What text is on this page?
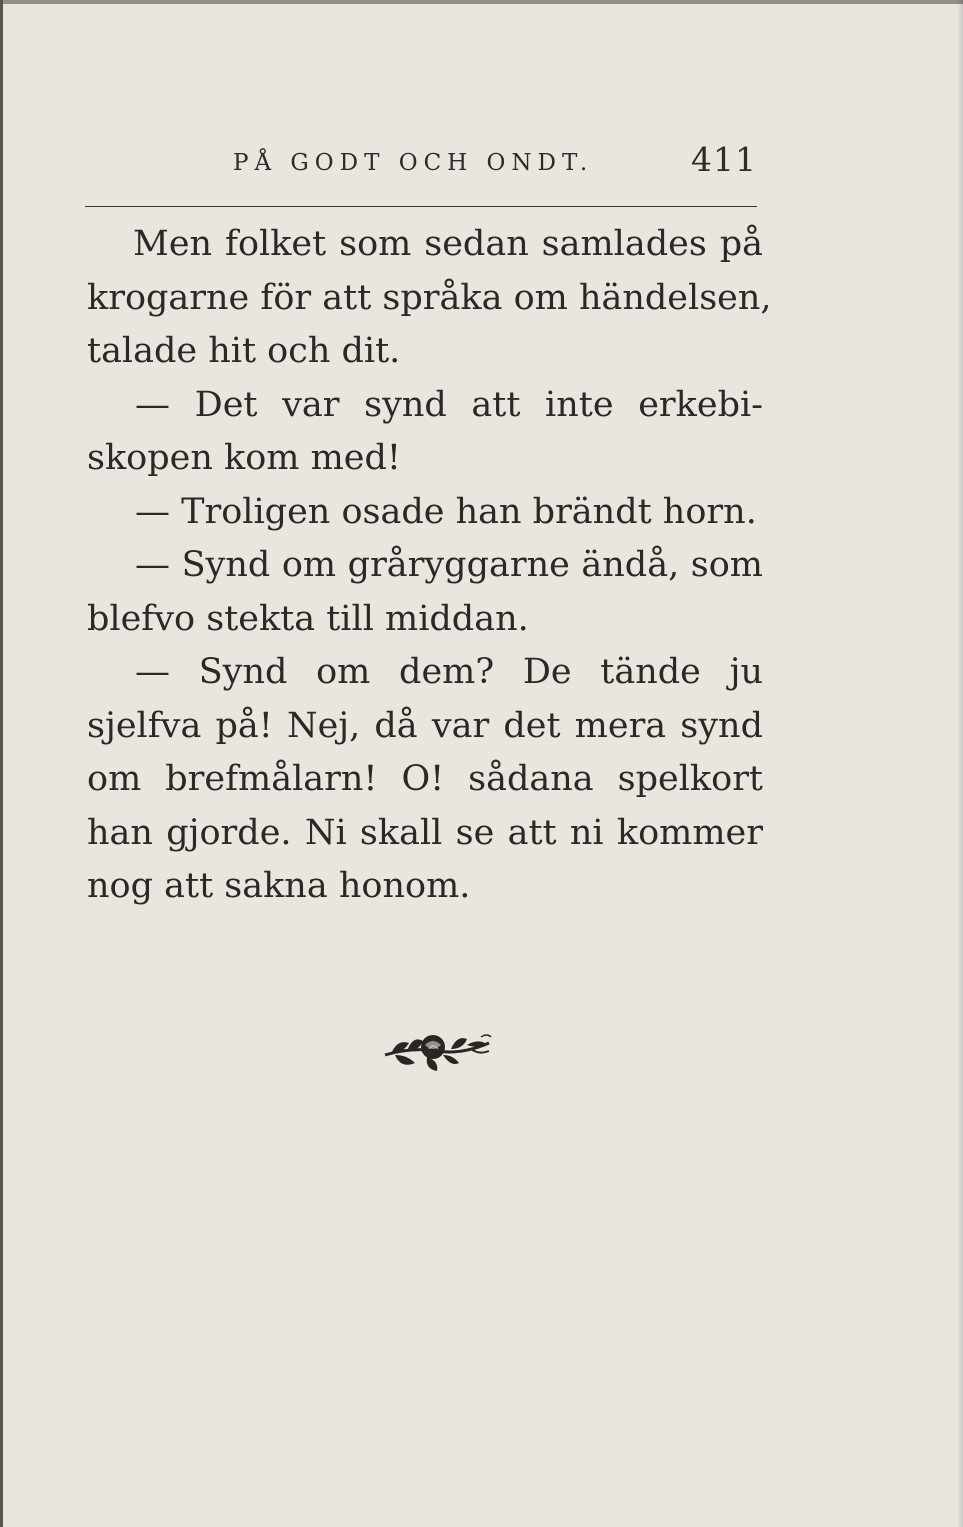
PÅ GODT OCH ONDT.	411
Men folket som sedan samlades på
krogarne för att språka om händelsen,
talade hit och dit.
— Det var synd att inte erkebi-
skopen kom med!
— Troligen osade han brändt horn.
— Synd om gråryggarne ändå, som
blefvo stekta till middan.
— Synd om dem? De tände ju
sjelfva på! Nej, då var det mera synd
om brefmålarn! O! sådana spelkort
han gjorde. Ni skall se att ni kommer
nog att sakna honom.
